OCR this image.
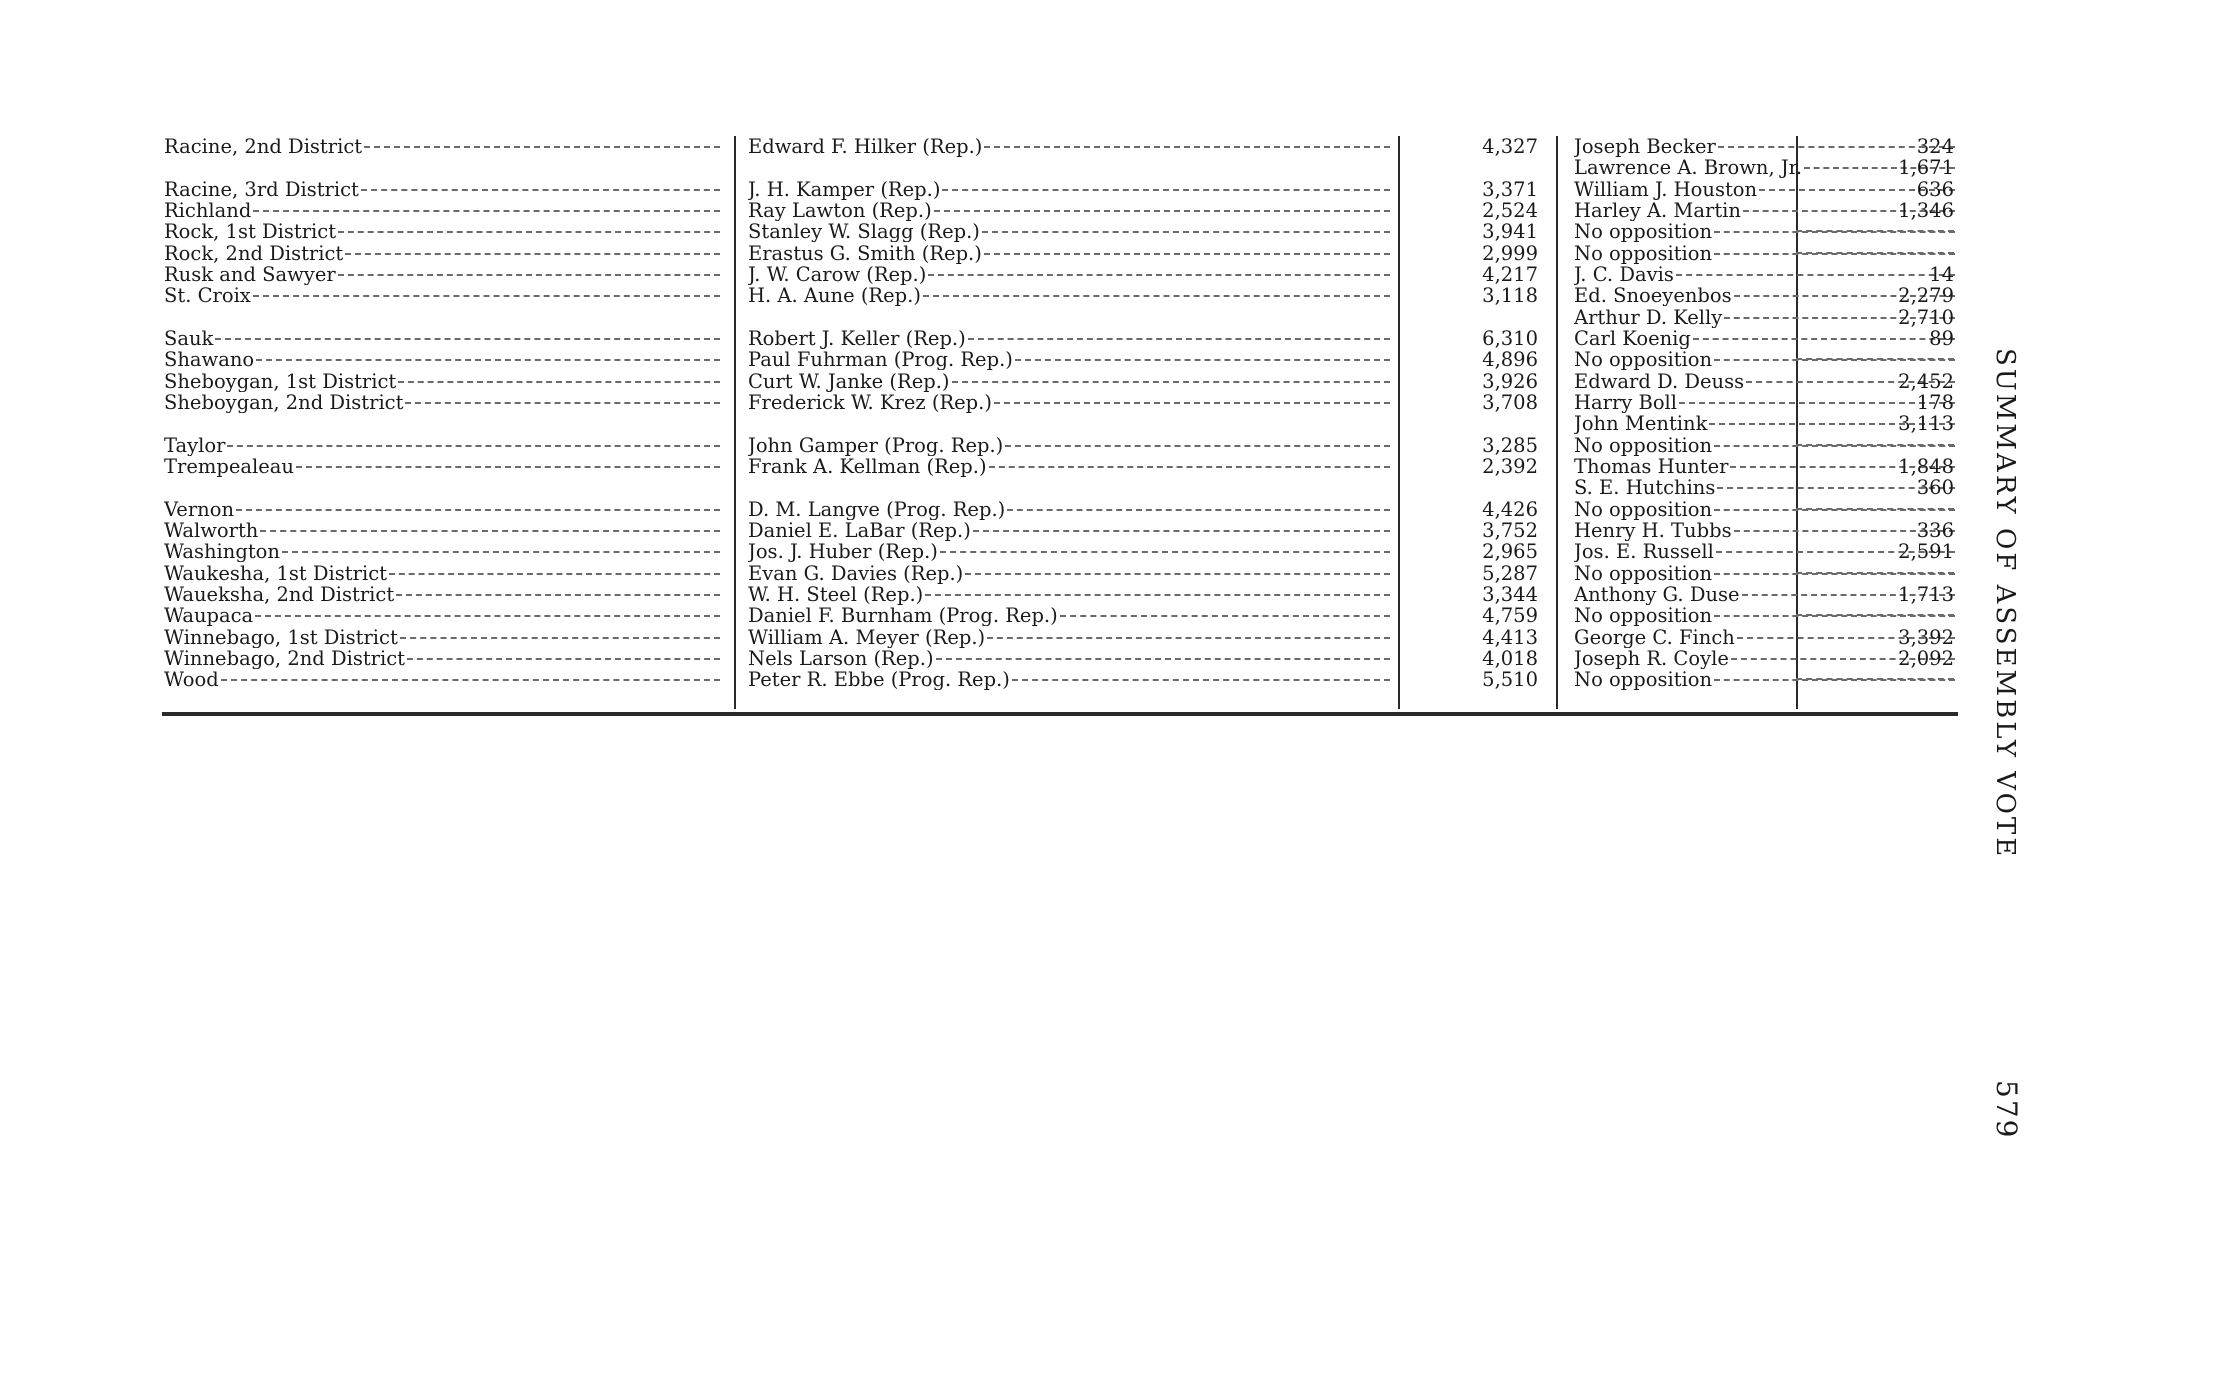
Racine, 2nd District	Edward F. Hilker (Rep.)	4,327 Joseph Becker	324
Lawrence A. Brown, Jr.	1,671
Racine, 3rd District	J. H. Kamper (Rep.)	3,371 William J. Houston	636
Richland	Ray Lawton (Rep.)	2,524 Harley A. Martin	1,346
Rock, 1st District	Stanley W. Slagg (Rep.)	3,941 No opposition
Rock, 2nd District	Erastus G. Smith (Rep.)	2,999 No opposition
Rusk and Sawyer	J. W. Carow (Rep.)	4,217 J. C. Davis	14
St. Croix	H. A. Aune (Rep.)	3,118 Ed. Snoeyenbos	2,279
Arthur D. Kelly	2,710
Sauk	Robert J. Keller (Rep.)	6,310 Carl Koenig	89
Shawano	Paul Fuhrman (Prog. Rep.)	4,896 No opposition
Sheboygan, 1st District	Curt W. Janke (Rep.)	3,926 Edward D. Deuss	2,452
Sheboygan, 2nd District	Frederick W. Krez (Rep.)	3,708 Harry Boll	178
John Mentink	3,113
Taylor	John Gamper (Prog. Rep.)	3,285 No opposition
Trempealeau	Frank A. Kellman (Rep.)	2,392 Thomas Hunter	1,848
S. E. Hutchins	360
Vernon	D. M. Langve (Prog. Rep.)	4,426 No opposition
Walworth	Daniel E. LaBar (Rep.)	3,752 Henry H. Tubbs	336
Washington	Jos. J. Huber (Rep.)	2,965 Jos. E. Russell	2,591
Waukesha, 1st District	Evan G. Davies (Rep.)	5,287 No opposition
Waueksha, 2nd District	W. H. Steel (Rep.)	3,344 Anthony G. Duse	1,713
Waupaca	Daniel F. Burnham (Prog. Rep.)	4,759 No opposition
Winnebago, 1st District	William A. Meyer (Rep.)	4,413 George C. Finch	3,392
Winnebago, 2nd District	Nels Larson (Rep.)	4,018 Joseph R. Coyle	2,092
Wood	Peter R. Ebbe (Prog. Rep.)	5,510 No opposition	SUMMARY OF ASSEMBLY VOTE
579
